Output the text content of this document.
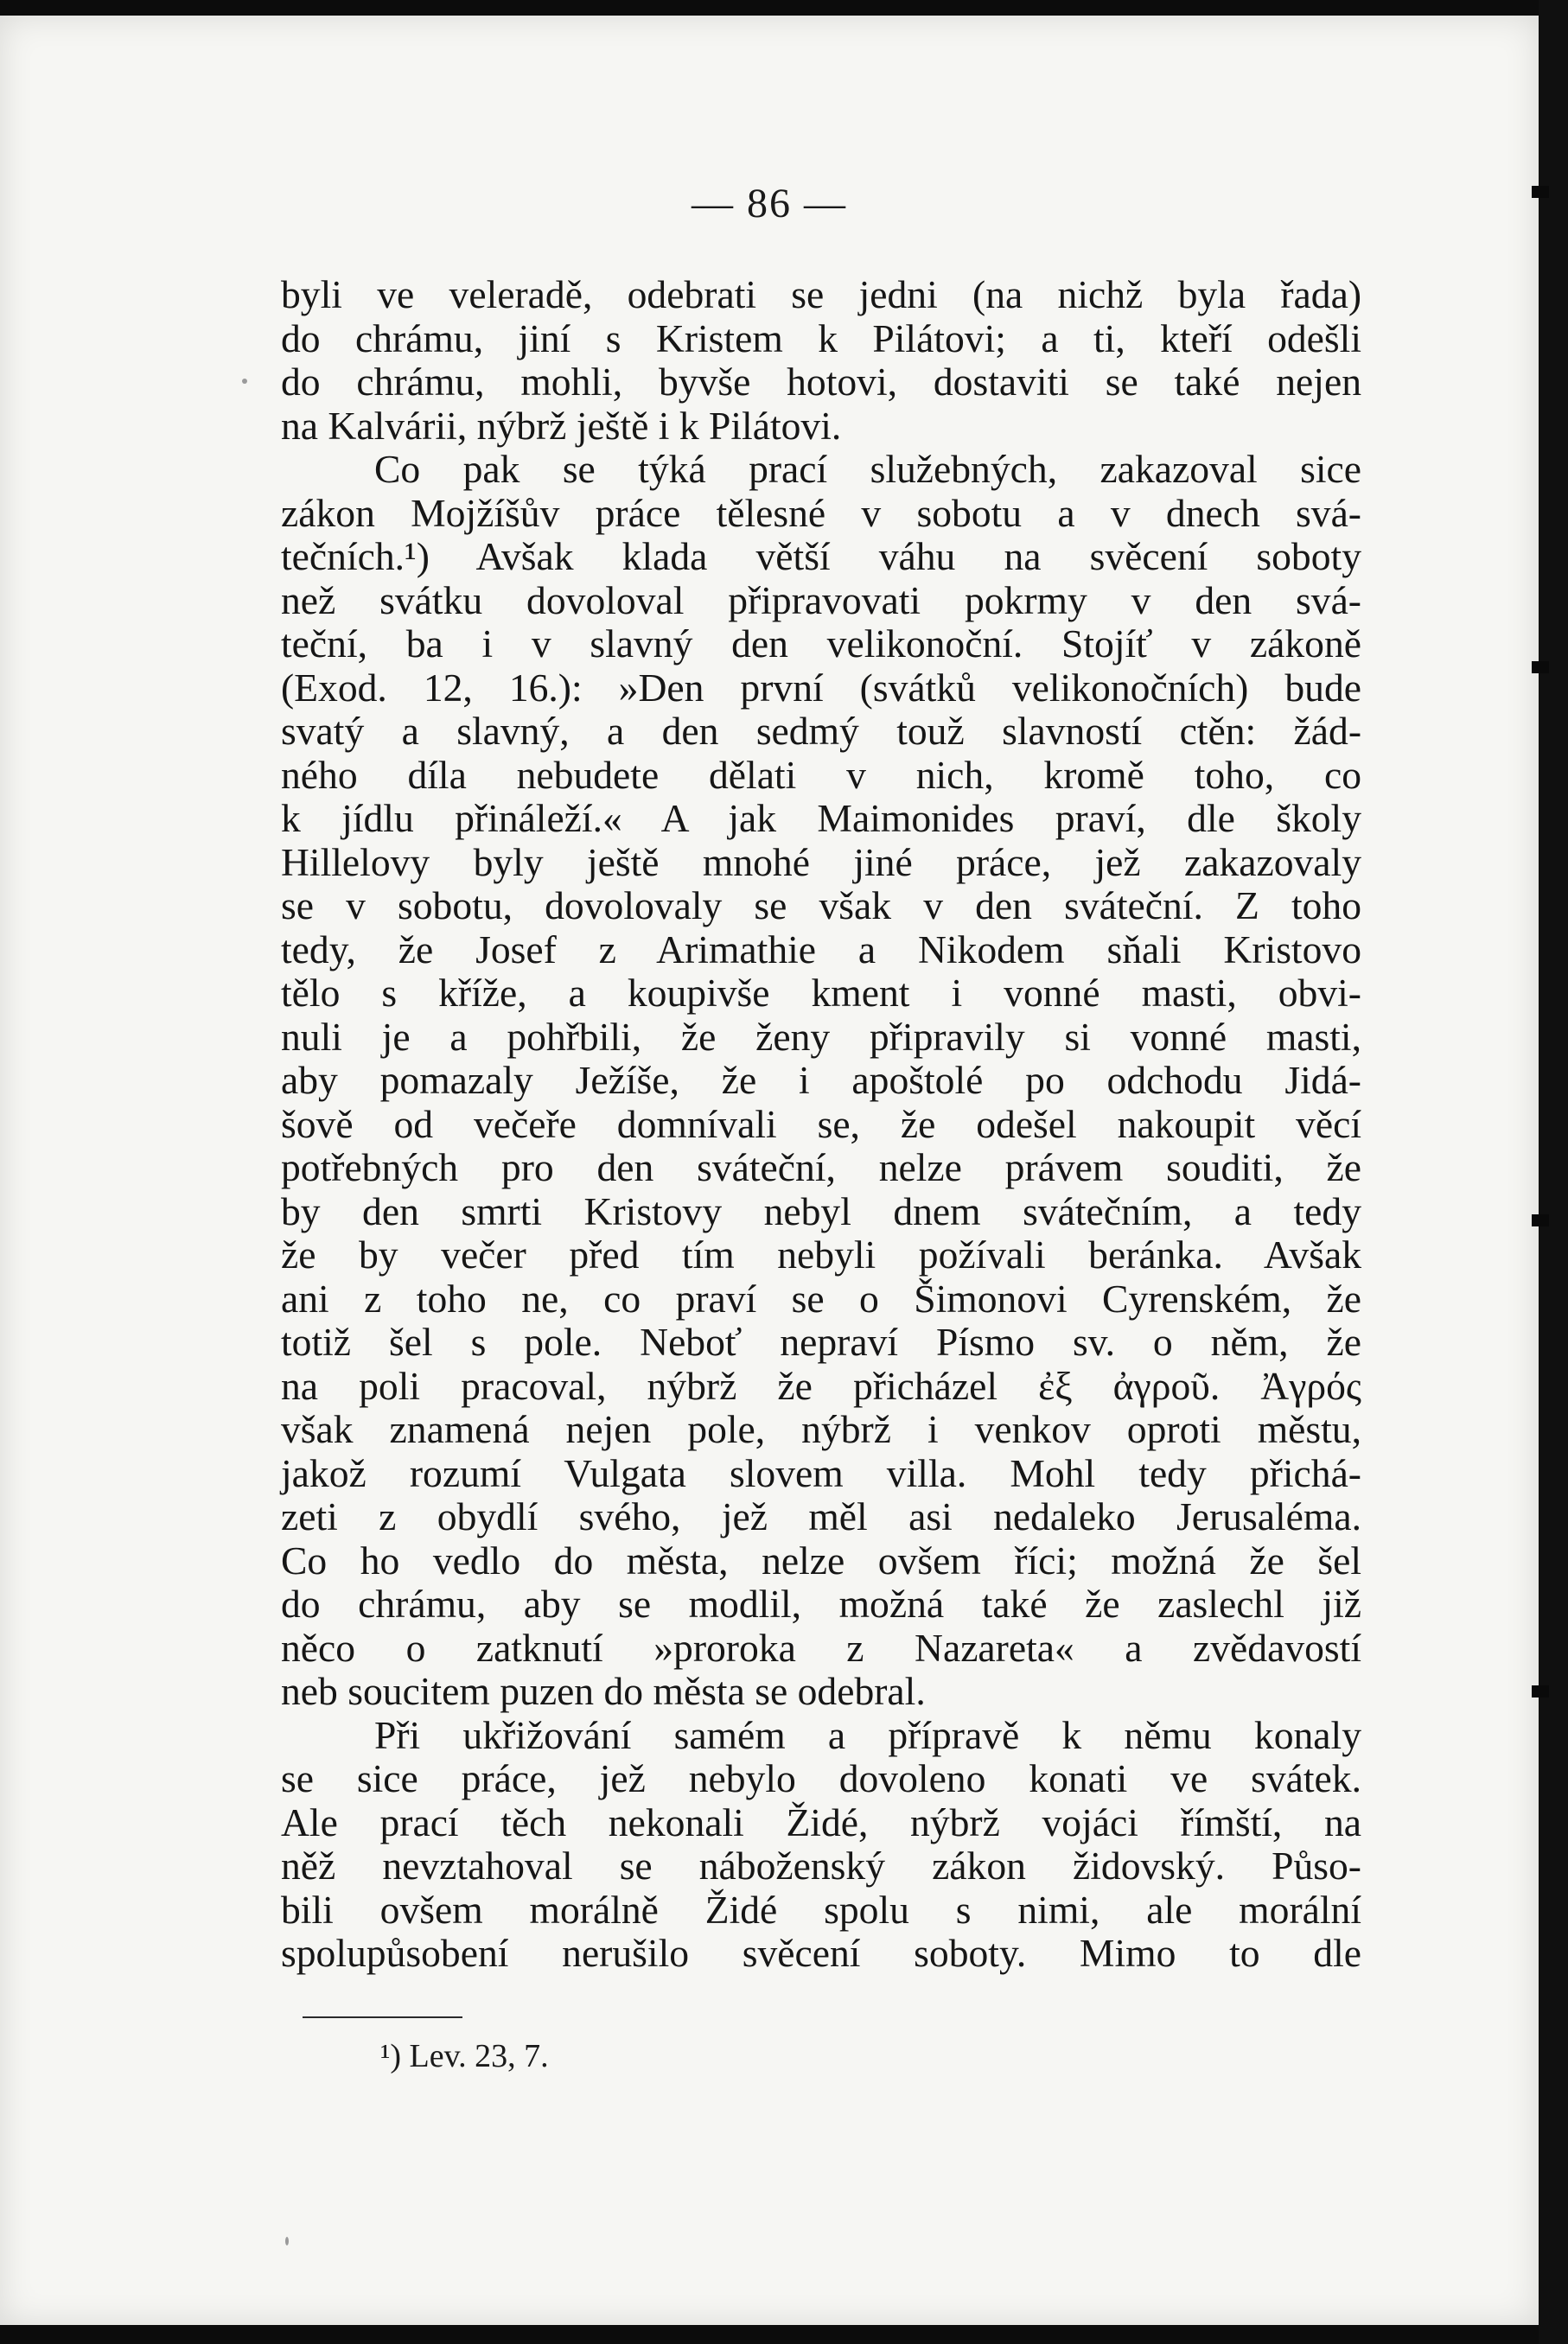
— 86 —
byli ve veleradě, odebrati se jedni (na nichž byla řada)
do chrámu, jiní s Kristem k Pilátovi; a ti, kteří odešli
do chrámu, mohli, byvše hotovi, dostaviti se také nejen
na Kalvárii, nýbrž ještě i k Pilátovi.
Co pak se týká prací služebných, zakazoval sice
zákon Mojžíšův práce tělesné v sobotu a v dnech svá-
tečních.¹) Avšak klada větší váhu na svěcení soboty
než svátku dovoloval připravovati pokrmy v den svá-
teční, ba i v slavný den velikonoční. Stojíť v zákoně
(Exod. 12, 16.): »Den první (svátků velikonočních) bude
svatý a slavný, a den sedmý touž slavností ctěn: žád-
ného díla nebudete dělati v nich, kromě toho, co
k jídlu přináleží.« A jak Maimonides praví, dle školy
Hillelovy byly ještě mnohé jiné práce, jež zakazovaly
se v sobotu, dovolovaly se však v den sváteční. Z toho
tedy, že Josef z Arimathie a Nikodem sňali Kristovo
tělo s kříže, a koupivše kment i vonné masti, obvi-
nuli je a pohřbili, že ženy připravily si vonné masti,
aby pomazaly Ježíše, že i apoštolé po odchodu Jidá-
šově od večeře domnívali se, že odešel nakoupit věcí
potřebných pro den sváteční, nelze právem souditi, že
by den smrti Kristovy nebyl dnem svátečním, a tedy
že by večer před tím nebyli požívali beránka. Avšak
ani z toho ne, co praví se o Šimonovi Cyrenském, že
totiž šel s pole. Neboť nepraví Písmo sv. o něm, že
na poli pracoval, nýbrž že přicházel ἐξ ἀγροῦ. Ἀγρός
však znamená nejen pole, nýbrž i venkov oproti městu,
jakož rozumí Vulgata slovem villa. Mohl tedy přichá-
zeti z obydlí svého, jež měl asi nedaleko Jerusaléma.
Co ho vedlo do města, nelze ovšem říci; možná že šel
do chrámu, aby se modlil, možná také že zaslechl již
něco o zatknutí »proroka z Nazareta« a zvědavostí
neb soucitem puzen do města se odebral.
Při ukřižování samém a přípravě k němu konaly
se sice práce, jež nebylo dovoleno konati ve svátek.
Ale prací těch nekonali Židé, nýbrž vojáci římští, na
něž nevztahoval se náboženský zákon židovský. Půso-
bili ovšem morálně Židé spolu s nimi, ale morální
spolupůsobení nerušilo svěcení soboty. Mimo to dle
¹) Lev. 23, 7.
